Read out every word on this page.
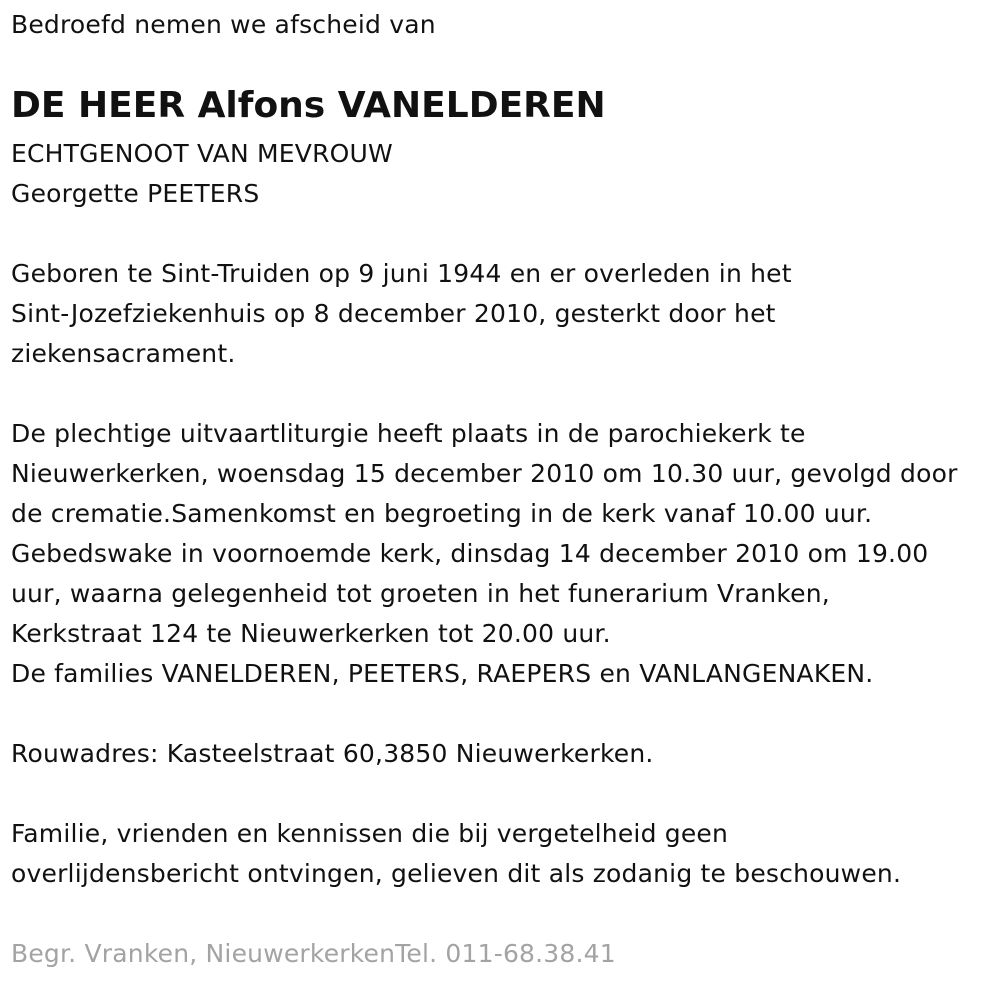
Bedroefd nemen we afscheid van
DE HEER Alfons VANELDEREN
ECHTGENOOT VAN MEVROUW
Georgette PEETERS
Geboren te Sint-Truiden op 9 juni 1944 en er overleden in het
Sint-Jozefziekenhuis op 8 december 2010, gesterkt door het
ziekensacrament.
De plechtige uitvaartliturgie heeft plaats in de parochiekerk te
Nieuwerkerken, woensdag 15 december 2010 om 10.30 uur, gevolgd door
de crematie.Samenkomst en begroeting in de kerk vanaf 10.00 uur.
Gebedswake in voornoemde kerk, dinsdag 14 december 2010 om 19.00
uur, waarna gelegenheid tot groeten in het funerarium Vranken,
Kerkstraat 124 te Nieuwerkerken tot 20.00 uur.
De families VANELDEREN, PEETERS, RAEPERS en VANLANGENAKEN.
Rouwadres: Kasteelstraat 60,3850 Nieuwerkerken.
Familie, vrienden en kennissen die bij vergetelheid geen
overlijdensbericht ontvingen, gelieven dit als zodanig te beschouwen.
Begr. Vranken, NieuwerkerkenTel. 011-68.38.41
